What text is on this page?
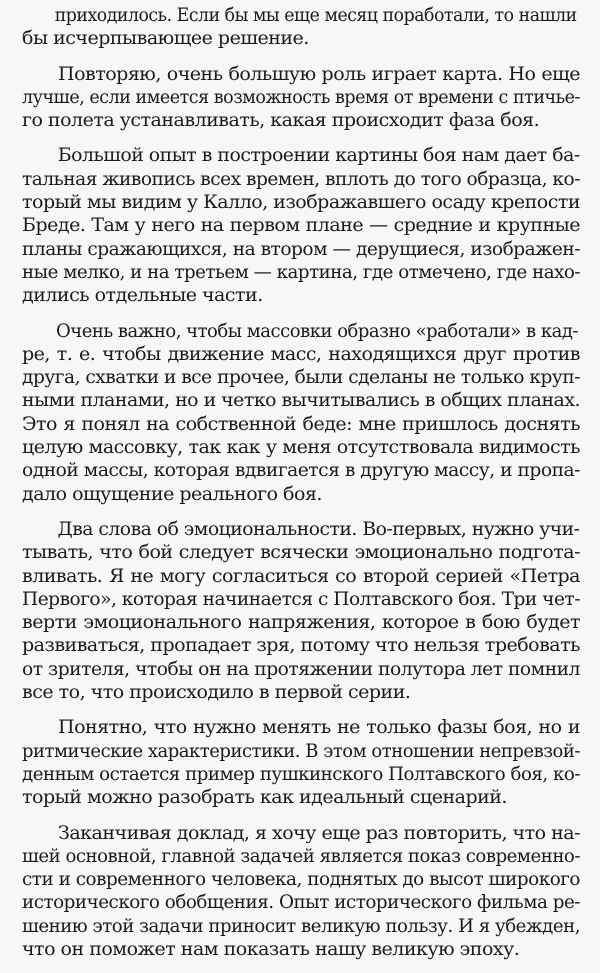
приходилось. Если бы мы еще месяц поработали, то нашли
бы исчерпывающее решение.
Повторяю, очень большую роль играет карта. Но еще
лучше, если имеется возможность время от времени с птичье-
го полета устанавливать, какая происходит фаза боя.
Большой опыт в построении картины боя нам дает ба-
тальная живопись всех времен, вплоть до того образца, ко-
торый мы видим у Калло, изображавшего осаду крепости
Бреде. Там у него на первом плане — средние и крупные
планы сражающихся, на втором — дерущиеся, изображен-
ные мелко, и на третьем — картина, где отмечено, где нахо-
дились отдельные части.
Очень важно, чтобы массовки образно «работали» в кад-
ре, т. е. чтобы движение масс, находящихся друг против
друга, схватки и все прочее, были сделаны не только круп-
ными планами, но и четко вычитывались в общих планах.
Это я понял на собственной беде: мне пришлось доснять
целую массовку, так как у меня отсутствовала видимость
одной массы, которая вдвигается в другую массу, и пропа-
дало ощущение реального боя.
Два слова об эмоциональности. Во-первых, нужно учи-
тывать, что бой следует всячески эмоционально подгота-
вливать. Я не могу согласиться со второй серией «Петра
Первого», которая начинается с Полтавского боя. Три чет-
верти эмоционального напряжения, которое в бою будет
развиваться, пропадает зря, потому что нельзя требовать
от зрителя, чтобы он на протяжении полутора лет помнил
все то, что происходило в первой серии.
Понятно, что нужно менять не только фазы боя, но и
ритмические характеристики. В этом отношении непревзой-
денным остается пример пушкинского Полтавского боя, ко-
торый можно разобрать как идеальный сценарий.
Заканчивая доклад, я хочу еще раз повторить, что на-
шей основной, главной задачей является показ современно-
сти и современного человека, поднятых до высот широкого
исторического обобщения. Опыт исторического фильма ре-
шению этой задачи приносит великую пользу. И я убежден,
что он поможет нам показать нашу великую эпоху.
